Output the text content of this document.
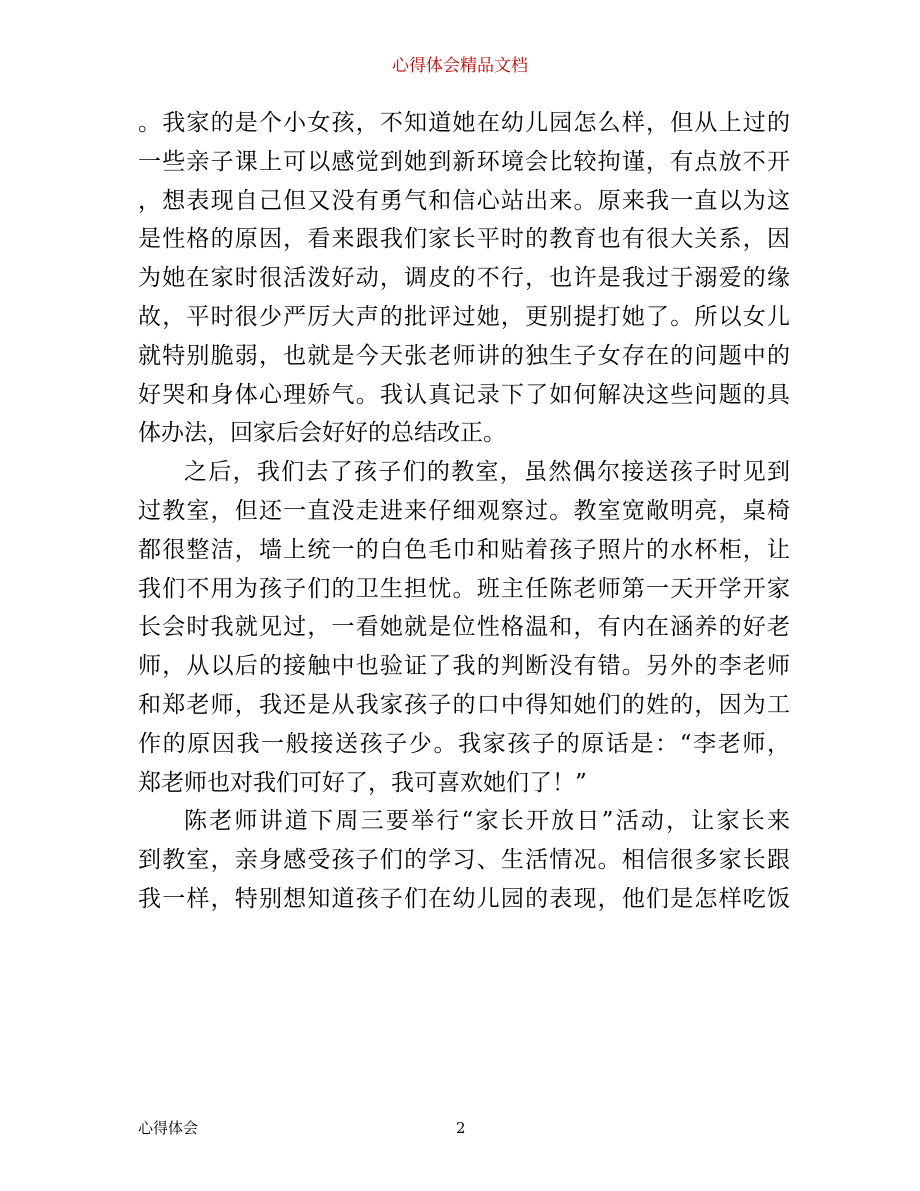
心得体会精品文档

。我家的是个小女孩，不知道她在幼儿园怎么样，但从上过的
一些亲子课上可以感觉到她到新环境会比较拘谨，有点放不开
，想表现自己但又没有勇气和信心站出来。原来我一直以为这
是性格的原因，看来跟我们家长平时的教育也有很大关系，因
为她在家时很活泼好动，调皮的不行，也许是我过于溺爱的缘
故，平时很少严厉大声的批评过她，更别提打她了。所以女儿
就特别脆弱，也就是今天张老师讲的独生子女存在的问题中的
好哭和身体心理娇气。我认真记录下了如何解决这些问题的具
体办法，回家后会好好的总结改正。

之后，我们去了孩子们的教室，虽然偶尔接送孩子时见到
过教室，但还一直没走进来仔细观察过。教室宽敞明亮，桌椅
都很整洁，墙上统一的白色毛巾和贴着孩子照片的水杯柜，让
我们不用为孩子们的卫生担忧。班主任陈老师第一天开学开家
长会时我就见过，一看她就是位性格温和，有内在涵养的好老
师，从以后的接触中也验证了我的判断没有错。另外的李老师
和郑老师，我还是从我家孩子的口中得知她们的姓的，因为工
作的原因我一般接送孩子少。我家孩子的原话是：“李老师，
郑老师也对我们可好了，我可喜欢她们了！”

陈老师讲道下周三要举行“家长开放日”活动，让家长来
到教室，亲身感受孩子们的学习、生活情况。相信很多家长跟
我一样，特别想知道孩子们在幼儿园的表现，他们是怎样吃饭

心得体会	2
